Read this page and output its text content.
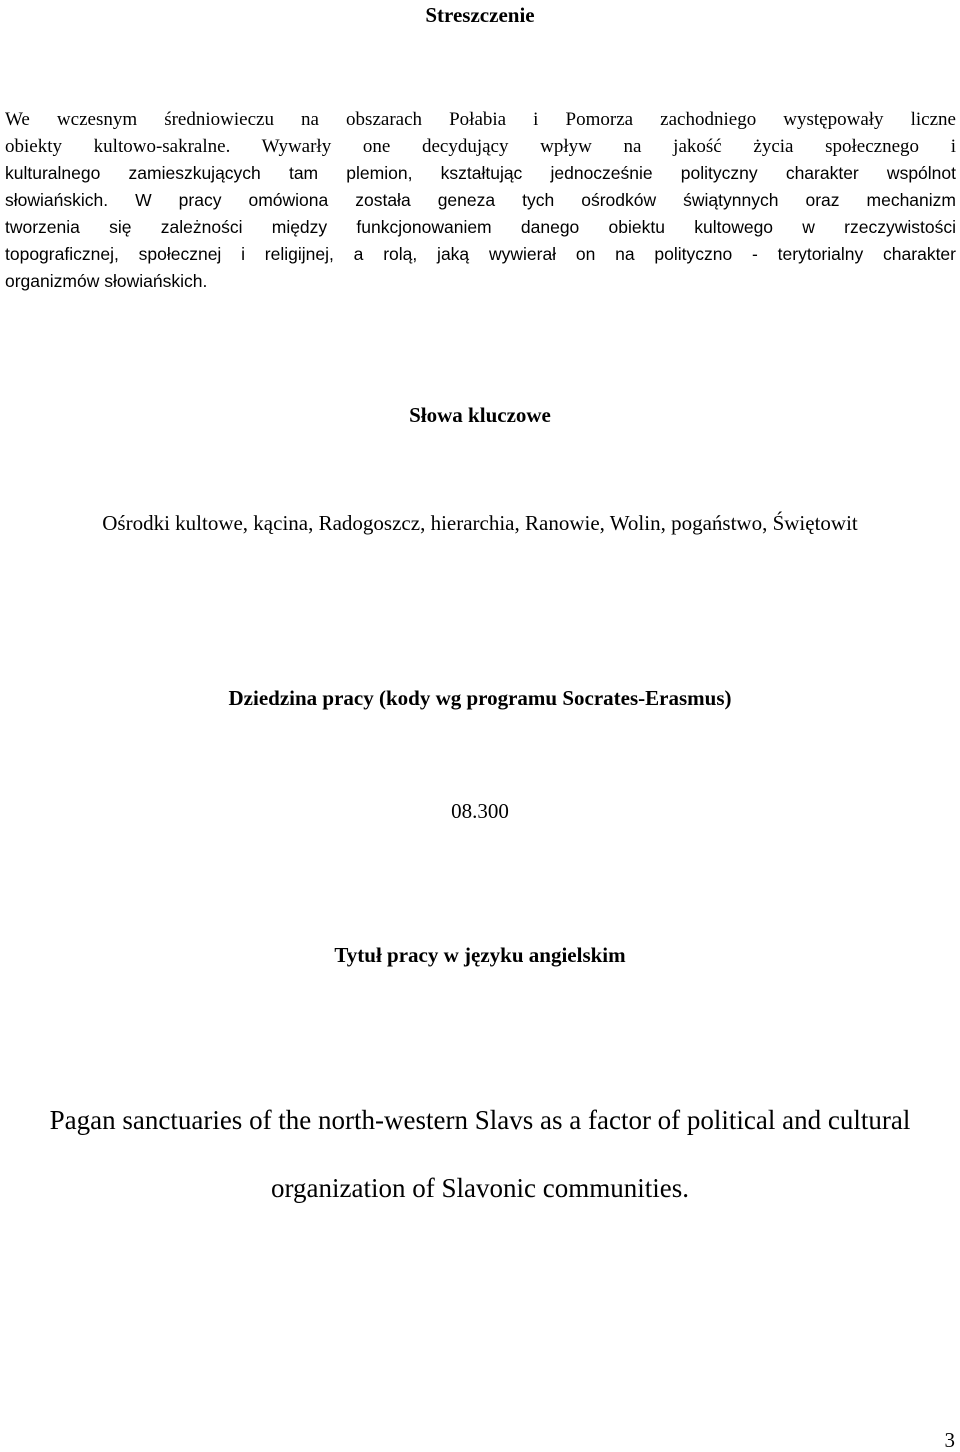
Streszczenie
We wczesnym średniowieczu na obszarach Połabia i Pomorza zachodniego występowały liczne
obiekty kultowo-sakralne. Wywarły one decydujący wpływ na jakość życia społecznego i
kulturalnego zamieszkujących tam plemion, kształtując jednocześnie polityczny charakter wspólnot
słowiańskich. W pracy omówiona została geneza tych ośrodków świątynnych oraz mechanizm
tworzenia się zależności między funkcjonowaniem danego obiektu kultowego w rzeczywistości
topograficznej, społecznej i religijnej, a rolą, jaką wywierał on na polityczno - terytorialny charakter
organizmów słowiańskich.
Słowa kluczowe

Ośrodki kultowe, kącina, Radogoszcz, hierarchia, Ranowie, Wolin, pogaństwo, Świętowit

Dziedzina pracy (kody wg programu Socrates-Erasmus)

08.300

Tytuł pracy w języku angielskim
Pagan sanctuaries of the north-western Slavs as a factor of political and cultural
organization of Slavonic communities.
3
